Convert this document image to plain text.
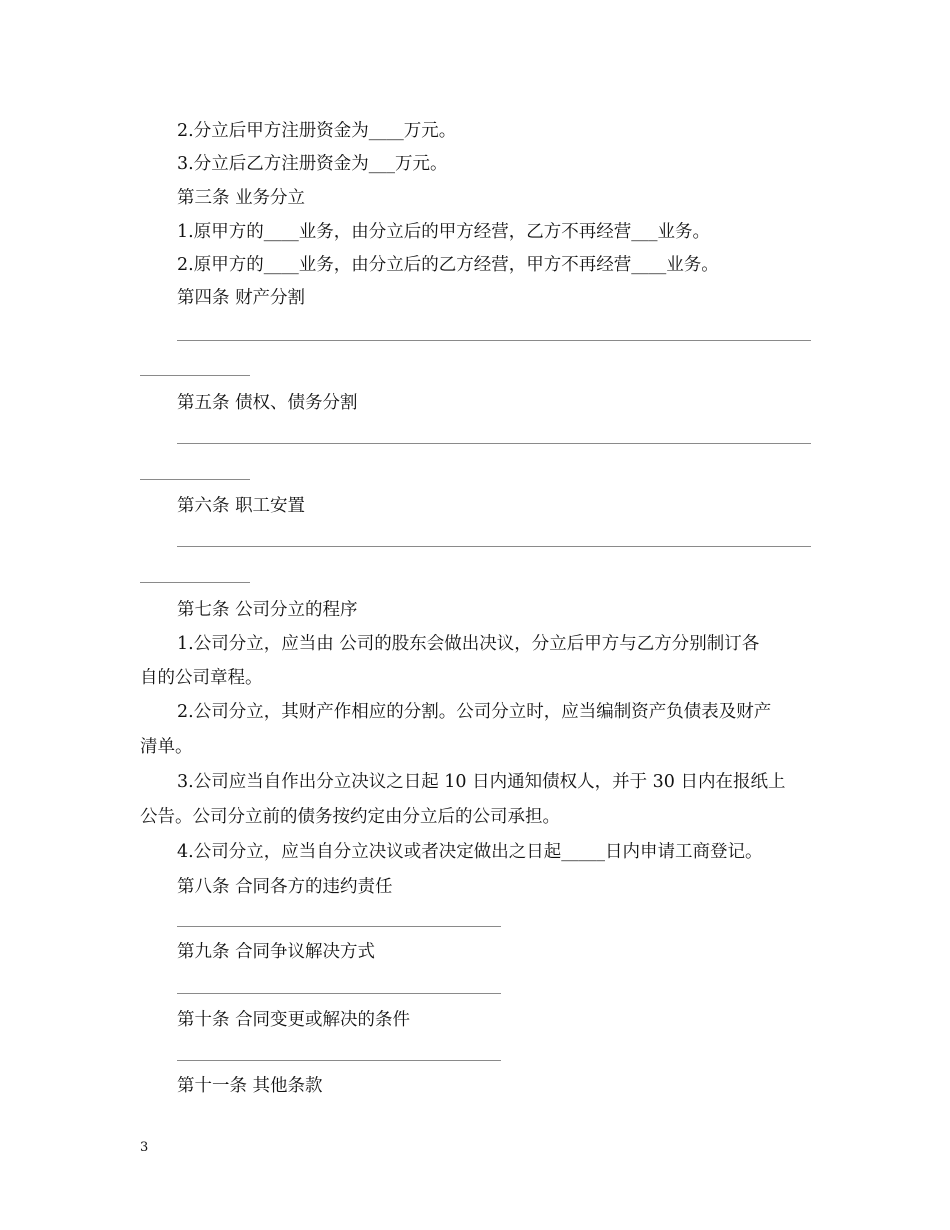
2.分立后甲方注册资金为____万元。
3.分立后乙方注册资金为___万元。
第三条 业务分立
1.原甲方的____业务，由分立后的甲方经营，乙方不再经营___业务。
2.原甲方的____业务，由分立后的乙方经营，甲方不再经营____业务。
第四条 财产分割
第五条 债权、债务分割
第六条 职工安置
第七条 公司分立的程序
1.公司分立，应当由 公司的股东会做出决议，分立后甲方与乙方分别制订各
自的公司章程。
2.公司分立，其财产作相应的分割。公司分立时，应当编制资产负债表及财产
清单。
3.公司应当自作出分立决议之日起 10 日内通知债权人，并于 30 日内在报纸上
公告。公司分立前的债务按约定由分立后的公司承担。
4.公司分立，应当自分立决议或者决定做出之日起_____日内申请工商登记。
第八条 合同各方的违约责任
第九条 合同争议解决方式
第十条 合同变更或解决的条件
第十一条 其他条款
3
